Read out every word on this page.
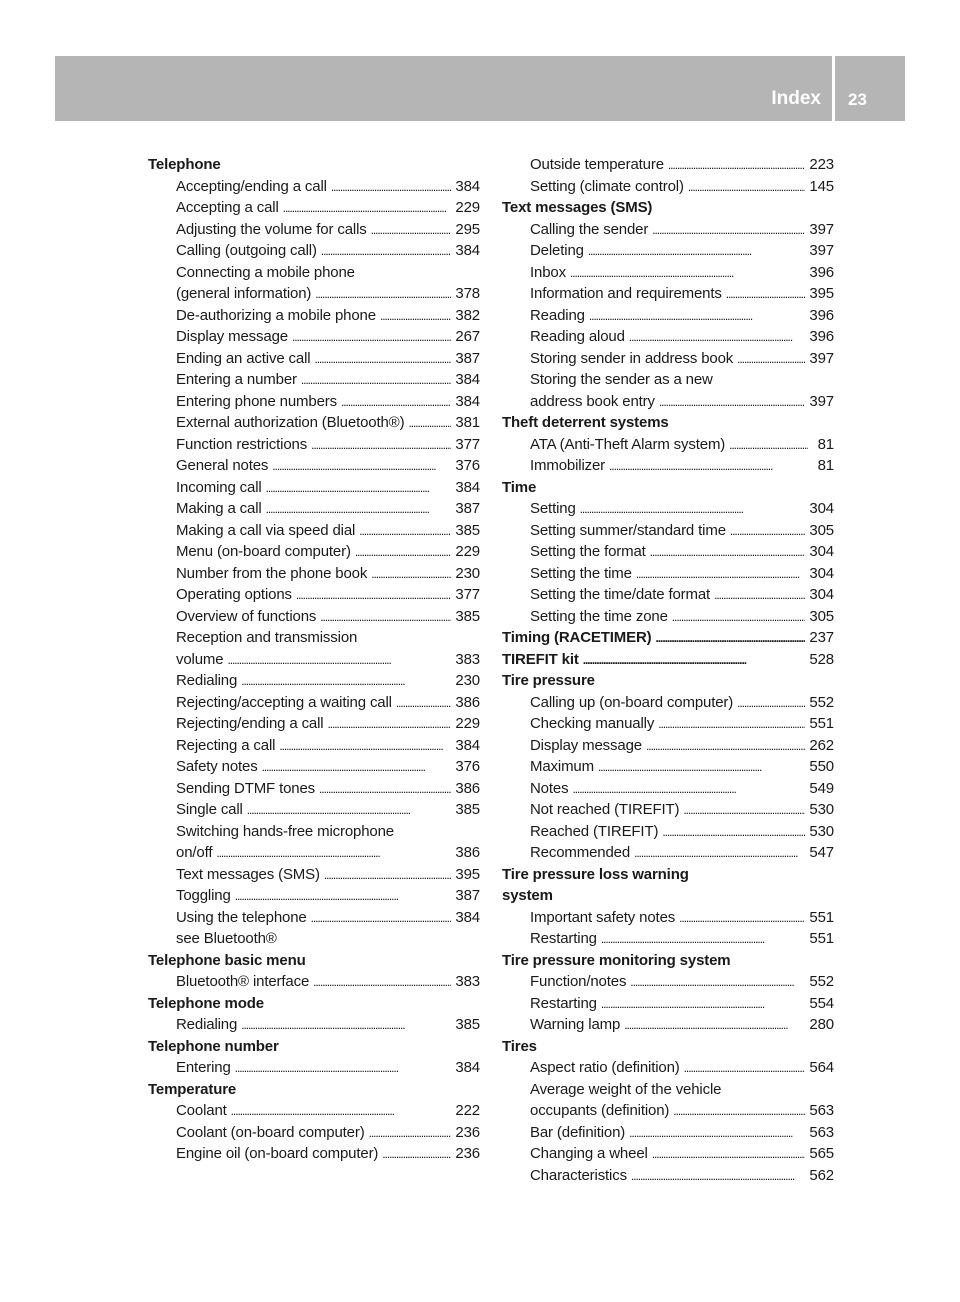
Index 23
Telephone
Accepting/ending a call . . .	384
Accepting a call . . .	229
Adjusting the volume for calls . . .	295
Calling (outgoing call) . . .	384
Connecting a mobile phone
(general information) . . .	378
De-authorizing a mobile phone . . .	382
Display message . . .	267
Ending an active call . . .	387
Entering a number . . .	384
Entering phone numbers . . .	384
External authorization (Bluetooth®) . . .	381
Function restrictions . . .	377
General notes . . .	376
Incoming call . . .	384
Making a call . . .	387
Making a call via speed dial . . .	385
Menu (on-board computer) . . .	229
Number from the phone book . . .	230
Operating options . . .	377
Overview of functions . . .	385
Reception and transmission
volume . . .	383
Redialing . . .	230
Rejecting/accepting a waiting call . . .	386
Rejecting/ending a call . . .	229
Rejecting a call . . .	384
Safety notes . . .	376
Sending DTMF tones . . .	386
Single call . . .	385
Switching hands-free microphone
on/off . . .	386
Text messages (SMS) . . .	395
Toggling . . .	387
Using the telephone . . .	384
see Bluetooth®
Telephone basic menu
Bluetooth® interface . . .	383
Telephone mode
Redialing . . .	385
Telephone number
Entering . . .	384
Temperature
Coolant . . .	222
Coolant (on-board computer) . . .	236
Engine oil (on-board computer) . . .	236
Outside temperature . . .	223
Setting (climate control) . . .	145
Text messages (SMS)
Calling the sender . . .	397
Deleting . . .	397
Inbox . . .	396
Information and requirements . . .	395
Reading . . .	396
Reading aloud . . .	396
Storing sender in address book . . .	397
Storing the sender as a new
address book entry . . .	397
Theft deterrent systems
ATA (Anti-Theft Alarm system) . . .	81
Immobilizer . . .	81
Time
Setting . . .	304
Setting summer/standard time . . .	305
Setting the format . . .	304
Setting the time . . .	304
Setting the time/date format . . .	304
Setting the time zone . . .	305
Timing (RACETIMER) . . .	237
TIREFIT kit . . .	528
Tire pressure
Calling up (on-board computer) . . .	552
Checking manually . . .	551
Display message . . .	262
Maximum . . .	550
Notes . . .	549
Not reached (TIREFIT) . . .	530
Reached (TIREFIT) . . .	530
Recommended . . .	547
Tire pressure loss warning
system
Important safety notes . . .	551
Restarting . . .	551
Tire pressure monitoring system
Function/notes . . .	552
Restarting . . .	554
Warning lamp . . .	280
Tires
Aspect ratio (definition) . . .	564
Average weight of the vehicle
occupants (definition) . . .	563
Bar (definition) . . .	563
Changing a wheel . . .	565
Characteristics . . .	562
